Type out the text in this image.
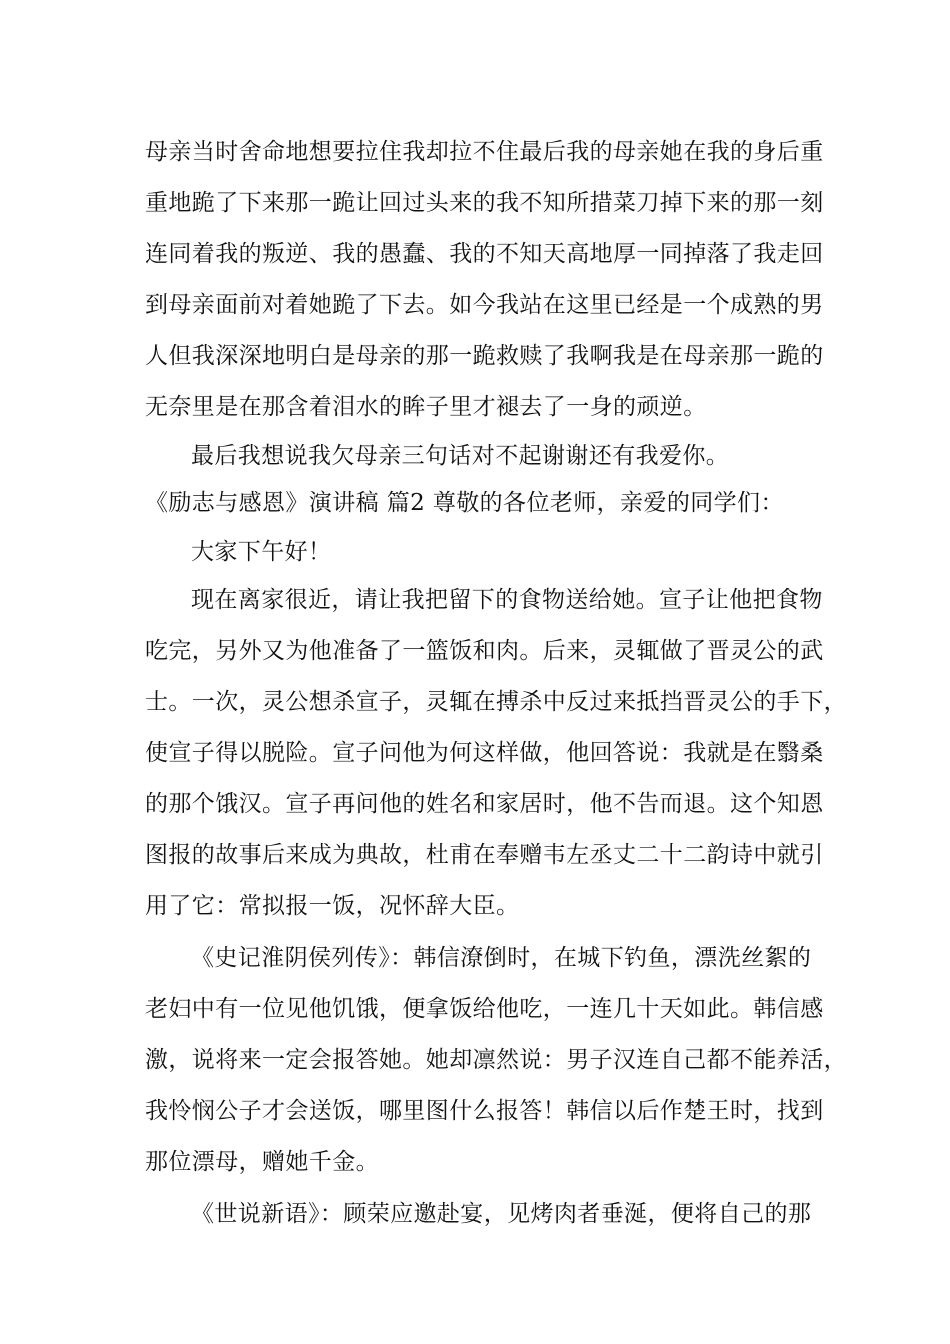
母亲当时舍命地想要拉住我却拉不住最后我的母亲她在我的身后重
重地跪了下来那一跪让回过头来的我不知所措菜刀掉下来的那一刻
连同着我的叛逆、我的愚蠢、我的不知天高地厚一同掉落了我走回
到母亲面前对着她跪了下去。如今我站在这里已经是一个成熟的男
人但我深深地明白是母亲的那一跪救赎了我啊我是在母亲那一跪的
无奈里是在那含着泪水的眸子里才褪去了一身的顽逆。
最后我想说我欠母亲三句话对不起谢谢还有我爱你。
《励志与感恩》演讲稿 篇2 尊敬的各位老师，亲爱的同学们：
大家下午好！
现在离家很近，请让我把留下的食物送给她。宣子让他把食物
吃完，另外又为他准备了一篮饭和肉。后来，灵辄做了晋灵公的武
士。一次，灵公想杀宣子，灵辄在搏杀中反过来抵挡晋灵公的手下，
使宣子得以脱险。宣子问他为何这样做，他回答说：我就是在翳桑
的那个饿汉。宣子再问他的姓名和家居时，他不告而退。这个知恩
图报的故事后来成为典故，杜甫在奉赠韦左丞丈二十二韵诗中就引
用了它：常拟报一饭，况怀辞大臣。
《史记淮阴侯列传》：韩信潦倒时，在城下钓鱼，漂洗丝絮的
老妇中有一位见他饥饿，便拿饭给他吃，一连几十天如此。韩信感
激，说将来一定会报答她。她却凛然说：男子汉连自己都不能养活，
我怜悯公子才会送饭，哪里图什么报答！韩信以后作楚王时，找到
那位漂母，赠她千金。
《世说新语》：顾荣应邀赴宴，见烤肉者垂涎，便将自己的那
